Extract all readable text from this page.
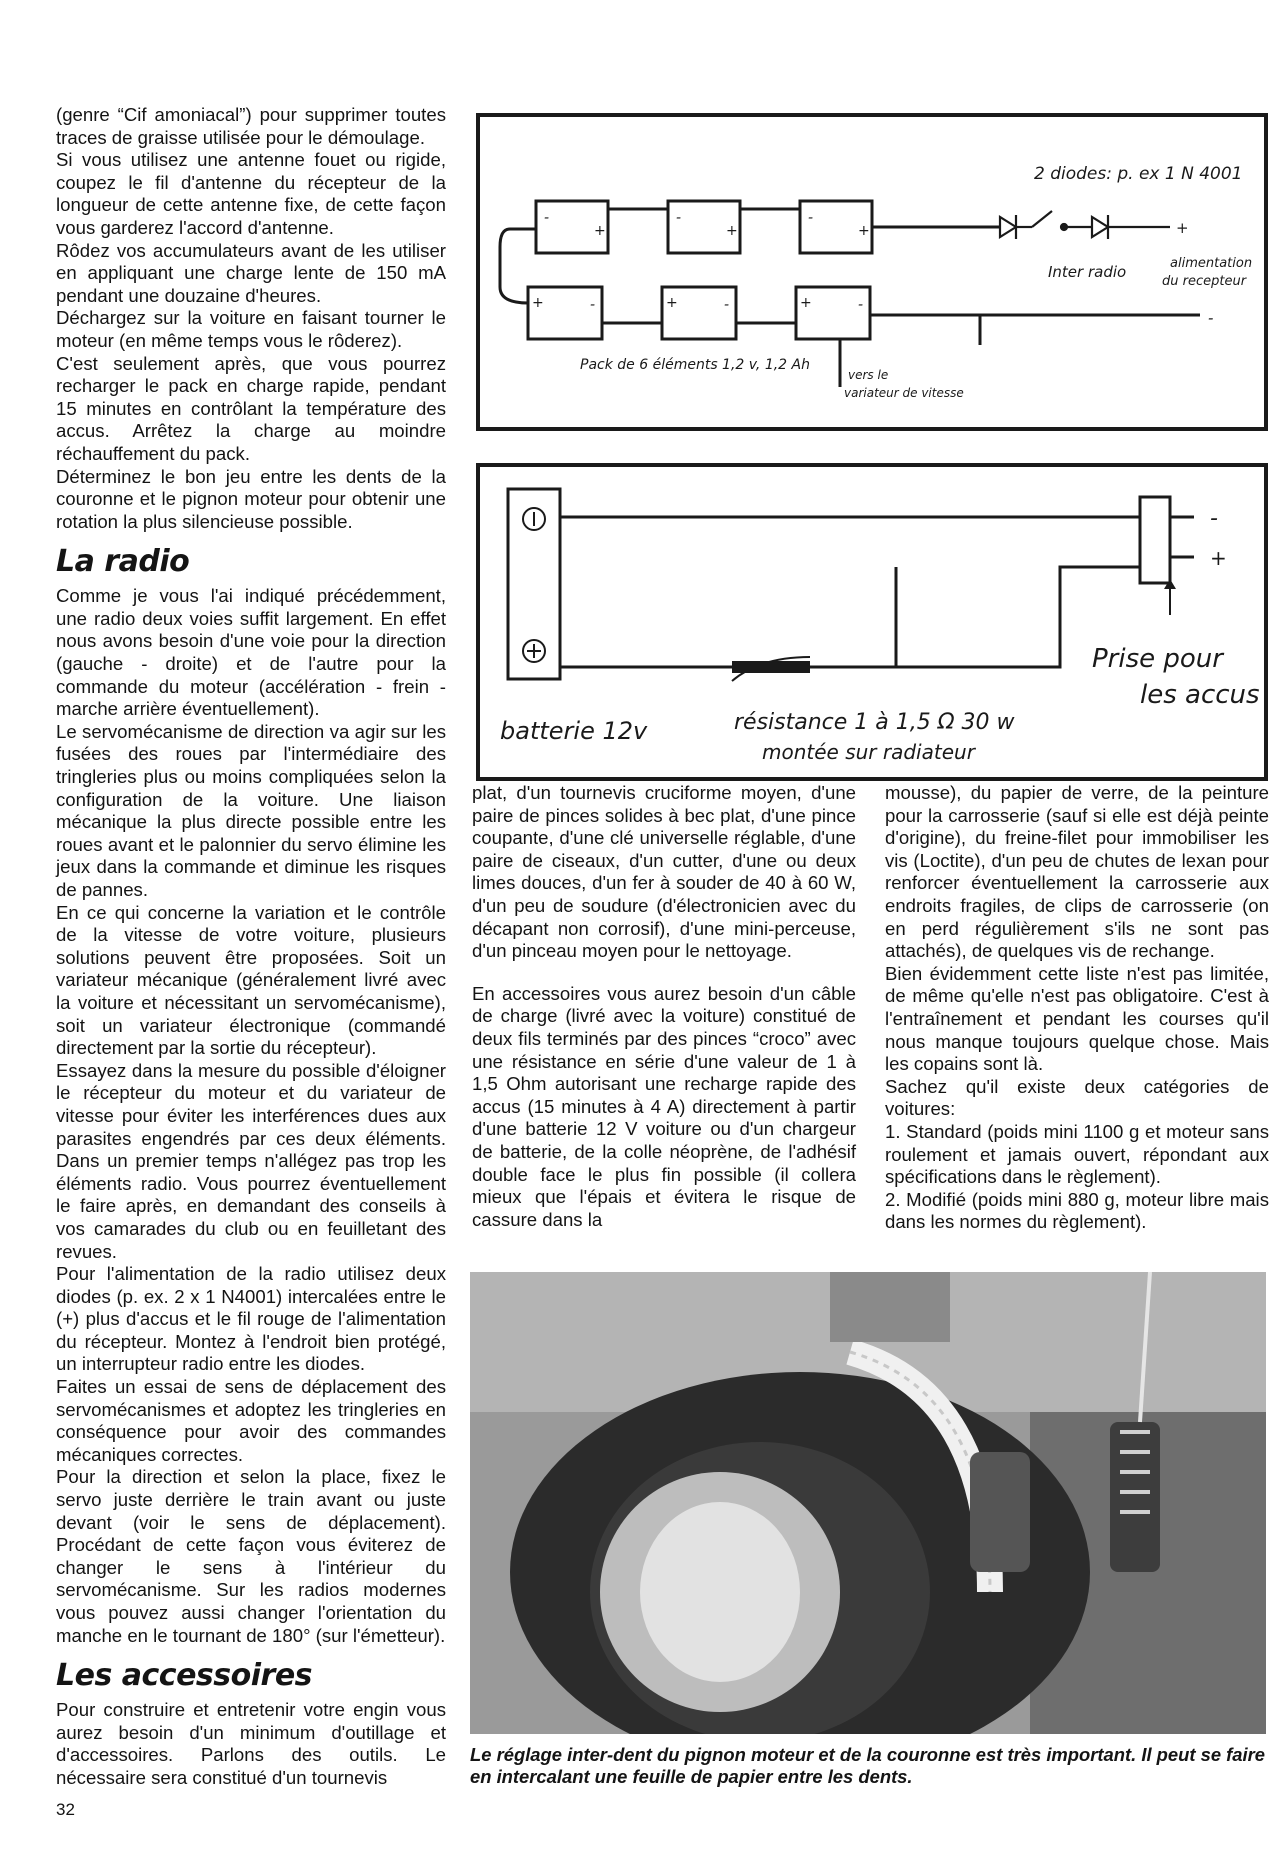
(genre “Cif amoniacal”) pour supprimer toutes traces de graisse utilisée pour le démoulage.

Si vous utilisez une antenne fouet ou rigide, coupez le fil d'antenne du récepteur de la longueur de cette antenne fixe, de cette façon vous garderez l'accord d'antenne.

Rôdez vos accumulateurs avant de les utiliser en appliquant une charge lente de 150 mA pendant une douzaine d'heures.

Déchargez sur la voiture en faisant tourner le moteur (en même temps vous le rôderez).

C'est seulement après, que vous pourrez recharger le pack en charge rapide, pendant 15 minutes en contrôlant la température des accus. Arrêtez la charge au moindre réchauffement du pack.

Déterminez le bon jeu entre les dents de la couronne et le pignon moteur pour obtenir une rotation la plus silencieuse possible.

La radio

Comme je vous l'ai indiqué précédemment, une radio deux voies suffit largement. En effet nous avons besoin d'une voie pour la direction (gauche - droite) et de l'autre pour la commande du moteur (accélération - frein - marche arrière éventuellement).

Le servomécanisme de direction va agir sur les fusées des roues par l'intermédiaire des tringleries plus ou moins compliquées selon la configuration de la voiture. Une liaison mécanique la plus directe possible entre les roues avant et le palonnier du servo élimine les jeux dans la commande et diminue les risques de pannes.

En ce qui concerne la variation et le contrôle de la vitesse de votre voiture, plusieurs solutions peuvent être proposées. Soit un variateur mécanique (généralement livré avec la voiture et nécessitant un servomécanisme), soit un variateur électronique (commandé directement par la sortie du récepteur).

Essayez dans la mesure du possible d'éloigner le récepteur du moteur et du variateur de vitesse pour éviter les interférences dues aux parasites engendrés par ces deux éléments. Dans un premier temps n'allégez pas trop les éléments radio. Vous pourrez éventuellement le faire après, en demandant des conseils à vos camarades du club ou en feuilletant des revues.

Pour l'alimentation de la radio utilisez deux diodes (p. ex. 2 x 1 N4001) intercalées entre le (+) plus d'accus et le fil rouge de l'alimentation du récepteur. Montez à l'endroit bien protégé, un interrupteur radio entre les diodes.

Faites un essai de sens de déplacement des servomécanismes et adoptez les tringleries en conséquence pour avoir des commandes mécaniques correctes.

Pour la direction et selon la place, fixez le servo juste derrière le train avant ou juste devant (voir le sens de déplacement). Procédant de cette façon vous éviterez de changer le sens à l'intérieur du servomécanisme. Sur les radios modernes vous pouvez aussi changer l'orientation du manche en le tournant de 180° (sur l'émetteur).

Les accessoires

Pour construire et entretenir votre engin vous aurez besoin d'un minimum d'outillage et d'accessoires. Parlons des outils. Le nécessaire sera constitué d'un tournevis

-
+
-
+
-
+
+	-	+	-	+	-
2 diodes: p. ex 1 N 4001
+
-
Inter radio	alimentation
du recepteur
Pack de 6 éléments 1,2 v, 1,2 Ah
vers le
variateur de vitesse
-
+
batterie 12v	résistance 1 à 1,5 Ω 30 w
montée sur radiateur
Prise pour
les accus

plat, d'un tournevis cruciforme moyen, d'une paire de pinces solides à bec plat, d'une pince coupante, d'une clé universelle réglable, d'une paire de ciseaux, d'un cutter, d'une ou deux limes douces, d'un fer à souder de 40 à 60 W, d'un peu de soudure (d'électronicien avec du décapant non corrosif), d'une mini-perceuse, d'un pinceau moyen pour le nettoyage.

En accessoires vous aurez besoin d'un câble de charge (livré avec la voiture) constitué de deux fils terminés par des pinces “croco” avec une résistance en série d'une valeur de 1 à 1,5 Ohm autorisant une recharge rapide des accus (15 minutes à 4 A) directement à partir d'une batterie 12 V voiture ou d'un chargeur de batterie, de la colle néoprène, de l'adhésif double face le plus fin possible (il collera mieux que l'épais et évitera le risque de cassure dans la

mousse), du papier de verre, de la peinture pour la carrosserie (sauf si elle est déjà peinte d'origine), du freine-filet pour immobiliser les vis (Loctite), d'un peu de chutes de lexan pour renforcer éventuellement la carrosserie aux endroits fragiles, de clips de carrosserie (on en perd régulièrement s'ils ne sont pas attachés), de quelques vis de rechange.

Bien évidemment cette liste n'est pas limitée, de même qu'elle n'est pas obligatoire. C'est à l'entraînement et pendant les courses qu'il nous manque toujours quelque chose. Mais les copains sont là.

Sachez qu'il existe deux catégories de voitures:

1. Standard (poids mini 1100 g et moteur sans roulement et jamais ouvert, répondant aux spécifications dans le règlement).

2. Modifié (poids mini 880 g, moteur libre mais dans les normes du règlement).

Le réglage inter-dent du pignon moteur et de la couronne est très important. Il peut se faire en intercalant une feuille de papier entre les dents.

32
